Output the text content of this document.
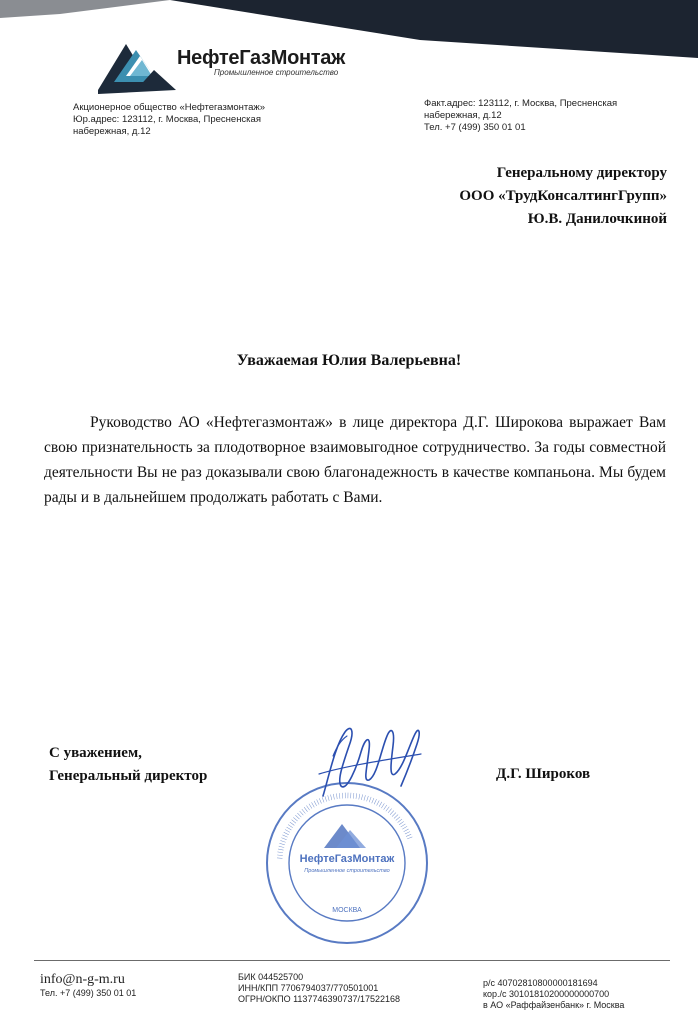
НефтеГазМонтаж
Промышленное строительство
Акционерное общество «Нефтегазмонтаж»
Юр.адрес: 123112, г. Москва, Пресненская
набережная, д.12
Факт.адрес: 123112, г. Москва, Пресненская
набережная, д.12
Тел. +7 (499) 350 01 01
Генеральному директору
ООО «ТрудКонсалтингГрупп»
Ю.В. Данилочкиной
Уважаемая Юлия Валерьевна!
Руководство АО «Нефтегазмонтаж» в лице директора Д.Г. Широкова выражает Вам свою признательность за плодотворное взаимовыгодное сотрудничество. За годы совместной деятельности Вы не раз доказывали свою благонадежность в качестве компаньона. Мы будем рады и в дальнейшем продолжать работать с Вами.
С уважением,
Генеральный директор
|||||||||||||||||||||||||||||||||||||||||||||||||||||||||||||||||
НефтеГазМонтаж
Промышленное строительство
МОСКВА
Д.Г. Широков
info@n-g-m.ru
Тел. +7 (499) 350 01 01
БИК 044525700
ИНН/КПП 7706794037/770501001
ОГРН/ОКПО 1137746390737/17522168
р/с 40702810800000181694
кор./с 30101810200000000700
в АО «Раффайзенбанк» г. Москва
